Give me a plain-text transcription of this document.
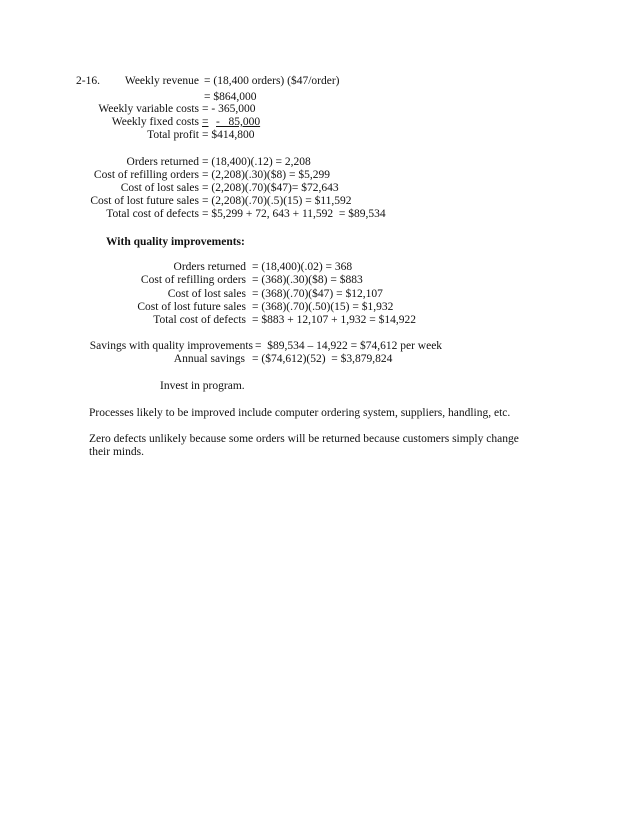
2-16. Weekly revenue = (18,400 orders) ($47/order)
= $864,000
Weekly variable costs = - 365,000
Weekly fixed costs = -   85,000
Total profit = $414,800
Orders returned = (18,400)(.12) = 2,208
Cost of refilling orders = (2,208)(.30)($8) = $5,299
Cost of lost sales = (2,208)(.70)($47)= $72,643
Cost of lost future sales = (2,208)(.70)(.5)(15) = $11,592
Total cost of defects = $5,299 + 72, 643 + 11,592  = $89,534
With quality improvements:
Orders returned = (18,400)(.02) = 368
Cost of refilling orders = (368)(.30)($8) = $883
Cost of lost sales = (368)(.70)($47) = $12,107
Cost of lost future sales = (368)(.70)(.50)(15) = $1,932
Total cost of defects = $883 + 12,107 + 1,932 = $14,922
Savings with quality improvements =  $89,534 – 14,922 = $74,612 per week
Annual savings = ($74,612)(52)  = $3,879,824
Invest in program.
Processes likely to be improved include computer ordering system, suppliers, handling, etc.
Zero defects unlikely because some orders will be returned because customers simply change
their minds.
